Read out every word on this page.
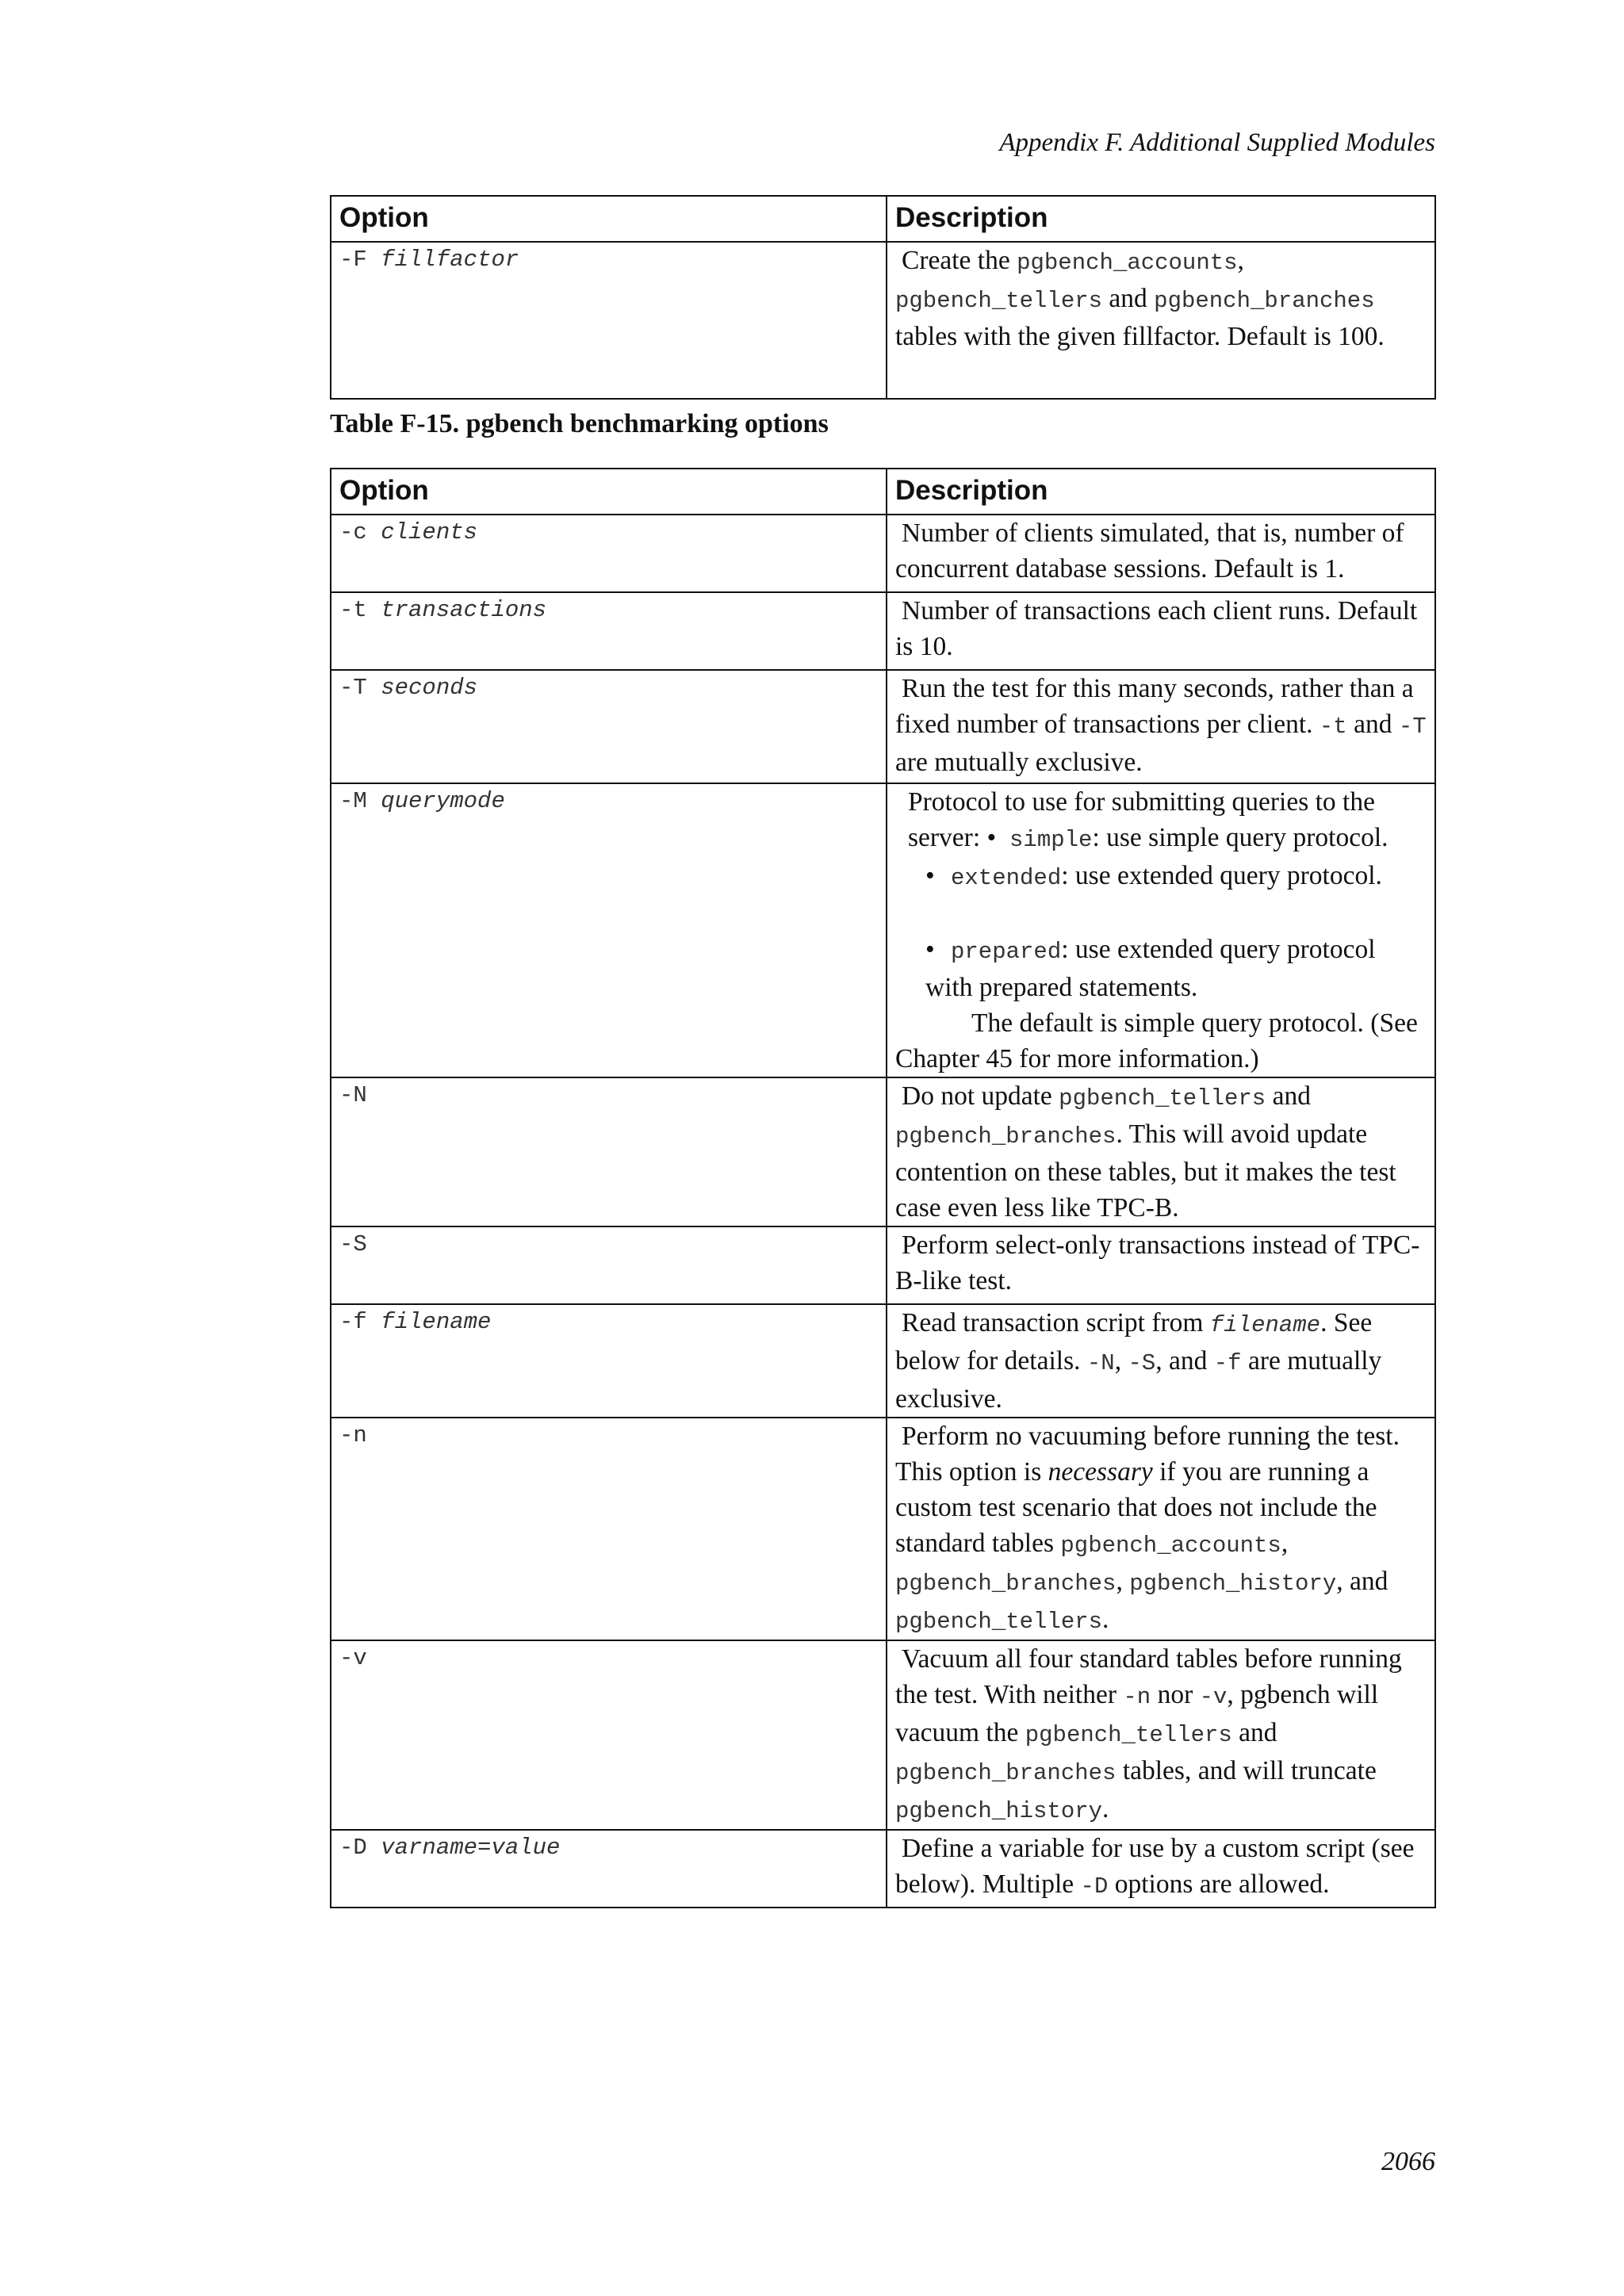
Appendix F. Additional Supplied Modules
Option	Description
-F fillfactor	Create the pgbench_accounts,
pgbench_tellers and pgbench_branches
tables with the given fillfactor. Default is 100.
Table F-15. pgbench benchmarking options
Option	Description
-c clients	Number of clients simulated, that is, number of concurrent database sessions. Default is 1.
-t transactions	Number of transactions each client runs. Default is 10.
-T seconds	Run the test for this many seconds, rather than a fixed number of transactions per client. -t and -T are mutually exclusive.
-M querymode	Protocol to use for submitting queries to the server: • simple: use simple query protocol.
• extended: use extended query protocol.
• prepared: use extended query protocol with prepared statements.
The default is simple query protocol. (See Chapter 45 for more information.)

-N	Do not update pgbench_tellers and pgbench_branches. This will avoid update contention on these tables, but it makes the test case even less like TPC-B.
-S	Perform select-only transactions instead of TPC-B-like test.
-f filename	Read transaction script from filename. See below for details. -N, -S, and -f are mutually exclusive.
-n	Perform no vacuuming before running the test. This option is necessary if you are running a custom test scenario that does not include the standard tables pgbench_accounts,
pgbench_branches, pgbench_history, and
pgbench_tellers.
-v	Vacuum all four standard tables before running the test. With neither -n nor -v, pgbench will vacuum the pgbench_tellers and
pgbench_branches tables, and will truncate
pgbench_history.
-D varname=value	Define a variable for use by a custom script (see below). Multiple -D options are allowed.
2066
